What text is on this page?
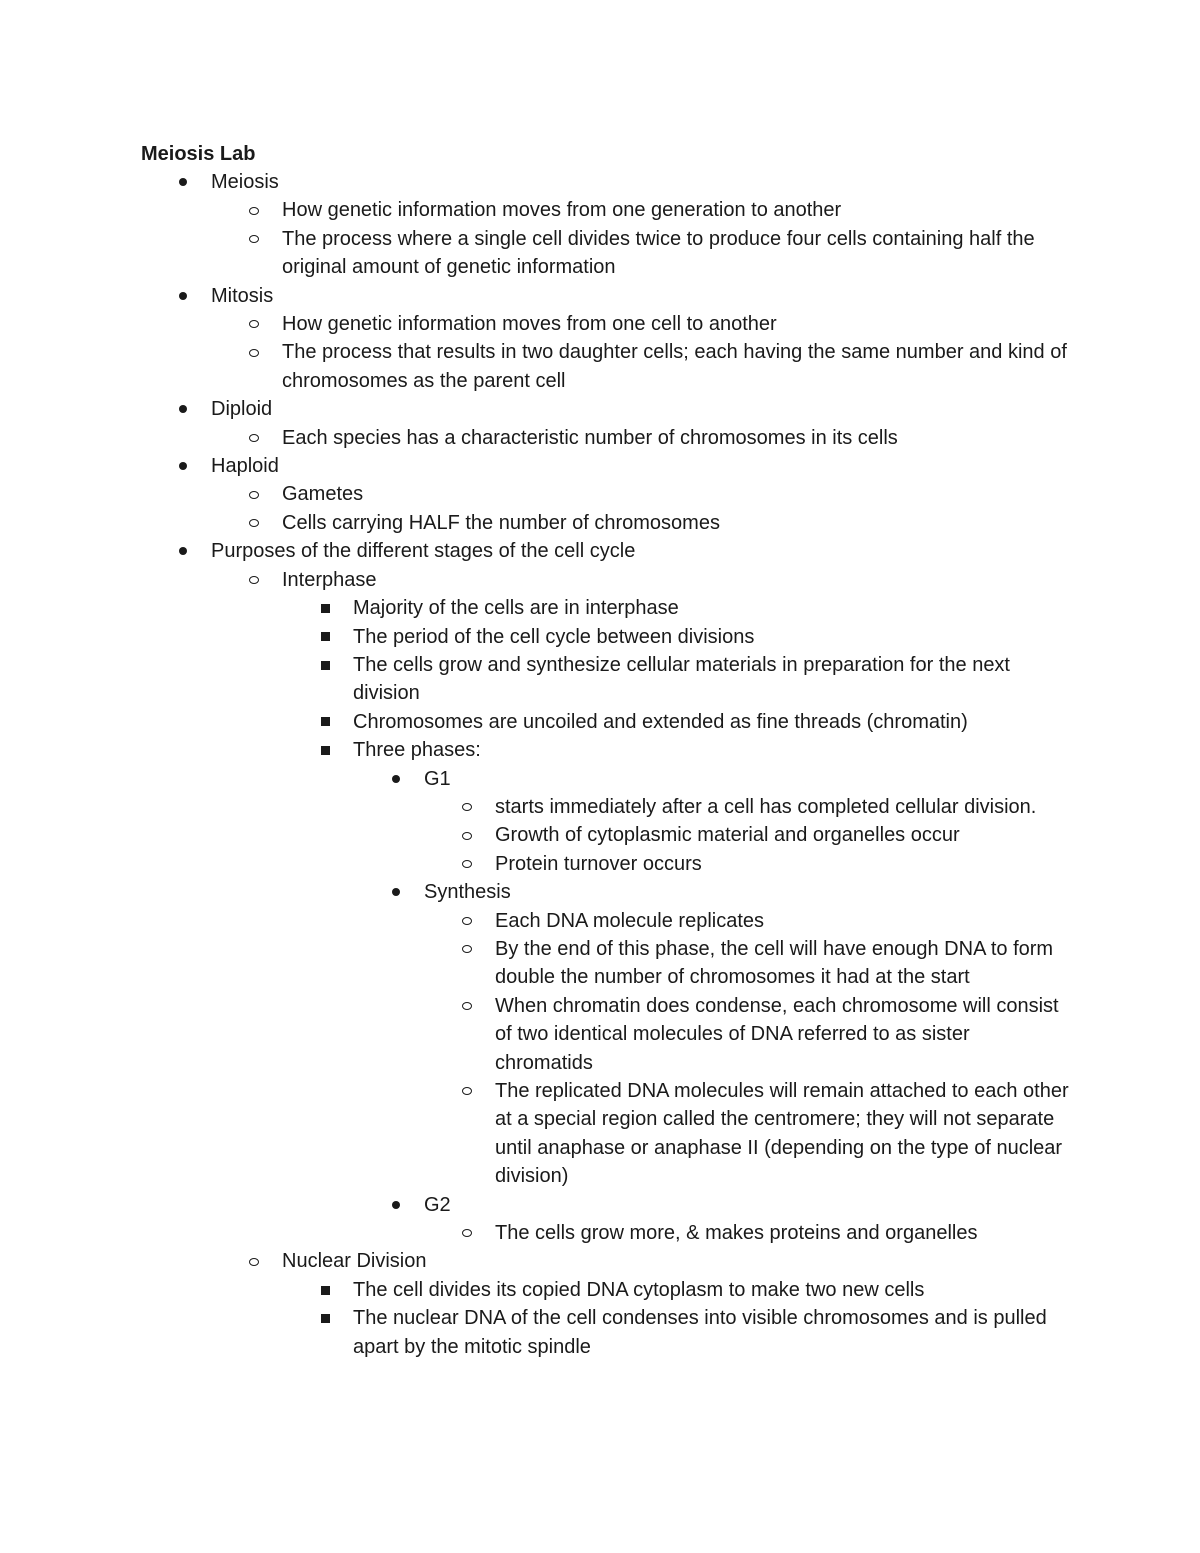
Meiosis Lab
Meiosis
How genetic information moves from one generation to another
The process where a single cell divides twice to produce four cells containing half the original amount of genetic information
Mitosis
How genetic information moves from one cell to another
The process that results in two daughter cells; each having the same number and kind of chromosomes as the parent cell
Diploid
Each species has a characteristic number of chromosomes in its cells
Haploid
Gametes
Cells carrying HALF the number of chromosomes
Purposes of the different stages of the cell cycle
Interphase
Majority of the cells are in interphase
The period of the cell cycle between divisions
The cells grow and synthesize cellular materials in preparation for the next division
Chromosomes are uncoiled and extended as fine threads (chromatin)
Three phases:
G1
starts immediately after a cell has completed cellular division.
Growth of cytoplasmic material and organelles occur
Protein turnover occurs
Synthesis
Each DNA molecule replicates
By the end of this phase, the cell will have enough DNA to form double the number of chromosomes it had at the start
When chromatin does condense, each chromosome will consist of two identical molecules of DNA referred to as sister chromatids
The replicated DNA molecules will remain attached to each other at a special region called the centromere; they will not separate until anaphase or anaphase II (depending on the type of nuclear division)
G2
The cells grow more, & makes proteins and organelles
Nuclear Division
The cell divides its copied DNA cytoplasm to make two new cells
The nuclear DNA of the cell condenses into visible chromosomes and is pulled apart by the mitotic spindle
